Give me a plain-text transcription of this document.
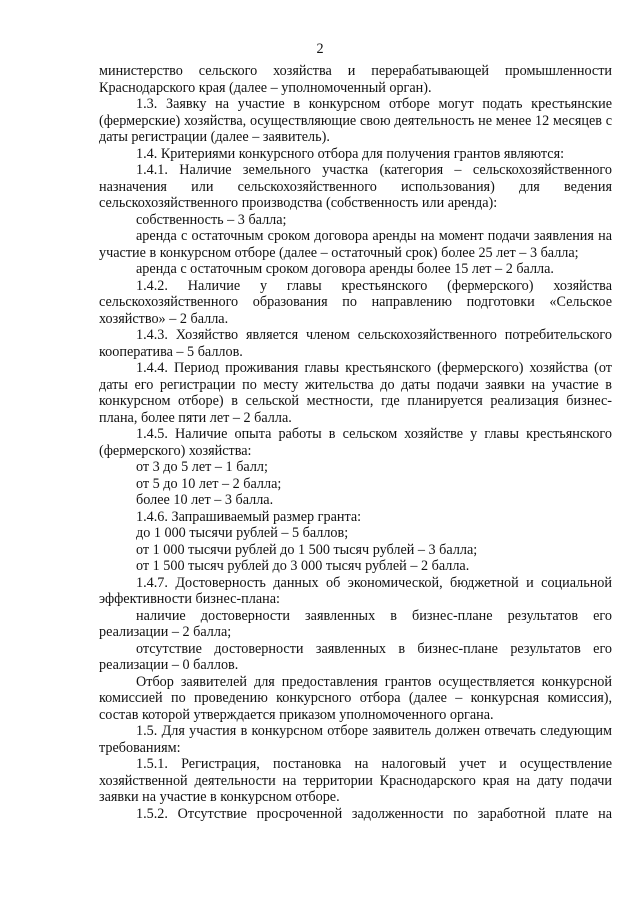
2

министерство сельского хозяйства и перерабатывающей промышленности Краснодарского края (далее – уполномоченный орган).

1.3. Заявку на участие в конкурсном отборе могут подать крестьянские (фермерские) хозяйства, осуществляющие свою деятельность не менее 12 месяцев с даты регистрации (далее – заявитель).

1.4. Критериями конкурсного отбора для получения грантов являются:

1.4.1. Наличие земельного участка (категория – сельскохозяйственного назначения или сельскохозяйственного использования) для ведения сельскохозяйственного производства (собственность или аренда):

собственность – 3 балла;

аренда с остаточным сроком договора аренды на момент подачи заявления на участие в конкурсном отборе (далее – остаточный срок) более 25 лет – 3 балла;

аренда с остаточным сроком договора аренды более 15 лет – 2 балла.

1.4.2. Наличие у главы крестьянского (фермерского) хозяйства сельскохозяйственного образования по направлению подготовки «Сельское хозяйство» – 2 балла.

1.4.3. Хозяйство является членом сельскохозяйственного потребительского кооператива – 5 баллов.

1.4.4. Период проживания главы крестьянского (фермерского) хозяйства (от даты его регистрации по месту жительства до даты подачи заявки на участие в конкурсном отборе) в сельской местности, где планируется реализация бизнес-плана, более пяти лет – 2 балла.

1.4.5. Наличие опыта работы в сельском хозяйстве у главы крестьянского (фермерского) хозяйства:

от 3 до 5 лет – 1 балл;

от 5 до 10 лет – 2 балла;

более 10 лет – 3 балла.

1.4.6. Запрашиваемый размер гранта:

до 1 000 тысячи рублей – 5 баллов;

от 1 000 тысячи рублей до 1 500 тысяч рублей – 3 балла;

от 1 500 тысяч рублей до 3 000 тысяч рублей – 2 балла.

1.4.7. Достоверность данных об экономической, бюджетной и социальной эффективности бизнес-плана:

наличие достоверности заявленных в бизнес-плане результатов его реализации – 2 балла;

отсутствие достоверности заявленных в бизнес-плане результатов его реализации – 0 баллов.

Отбор заявителей для предоставления грантов осуществляется конкурсной комиссией по проведению конкурсного отбора (далее – конкурсная комиссия), состав которой утверждается приказом уполномоченного органа.

1.5. Для участия в конкурсном отборе заявитель должен отвечать следующим требованиям:

1.5.1. Регистрация, постановка на налоговый учет и осуществление хозяйственной деятельности на территории Краснодарского края на дату подачи заявки на участие в конкурсном отборе.

1.5.2. Отсутствие просроченной задолженности по заработной плате на
